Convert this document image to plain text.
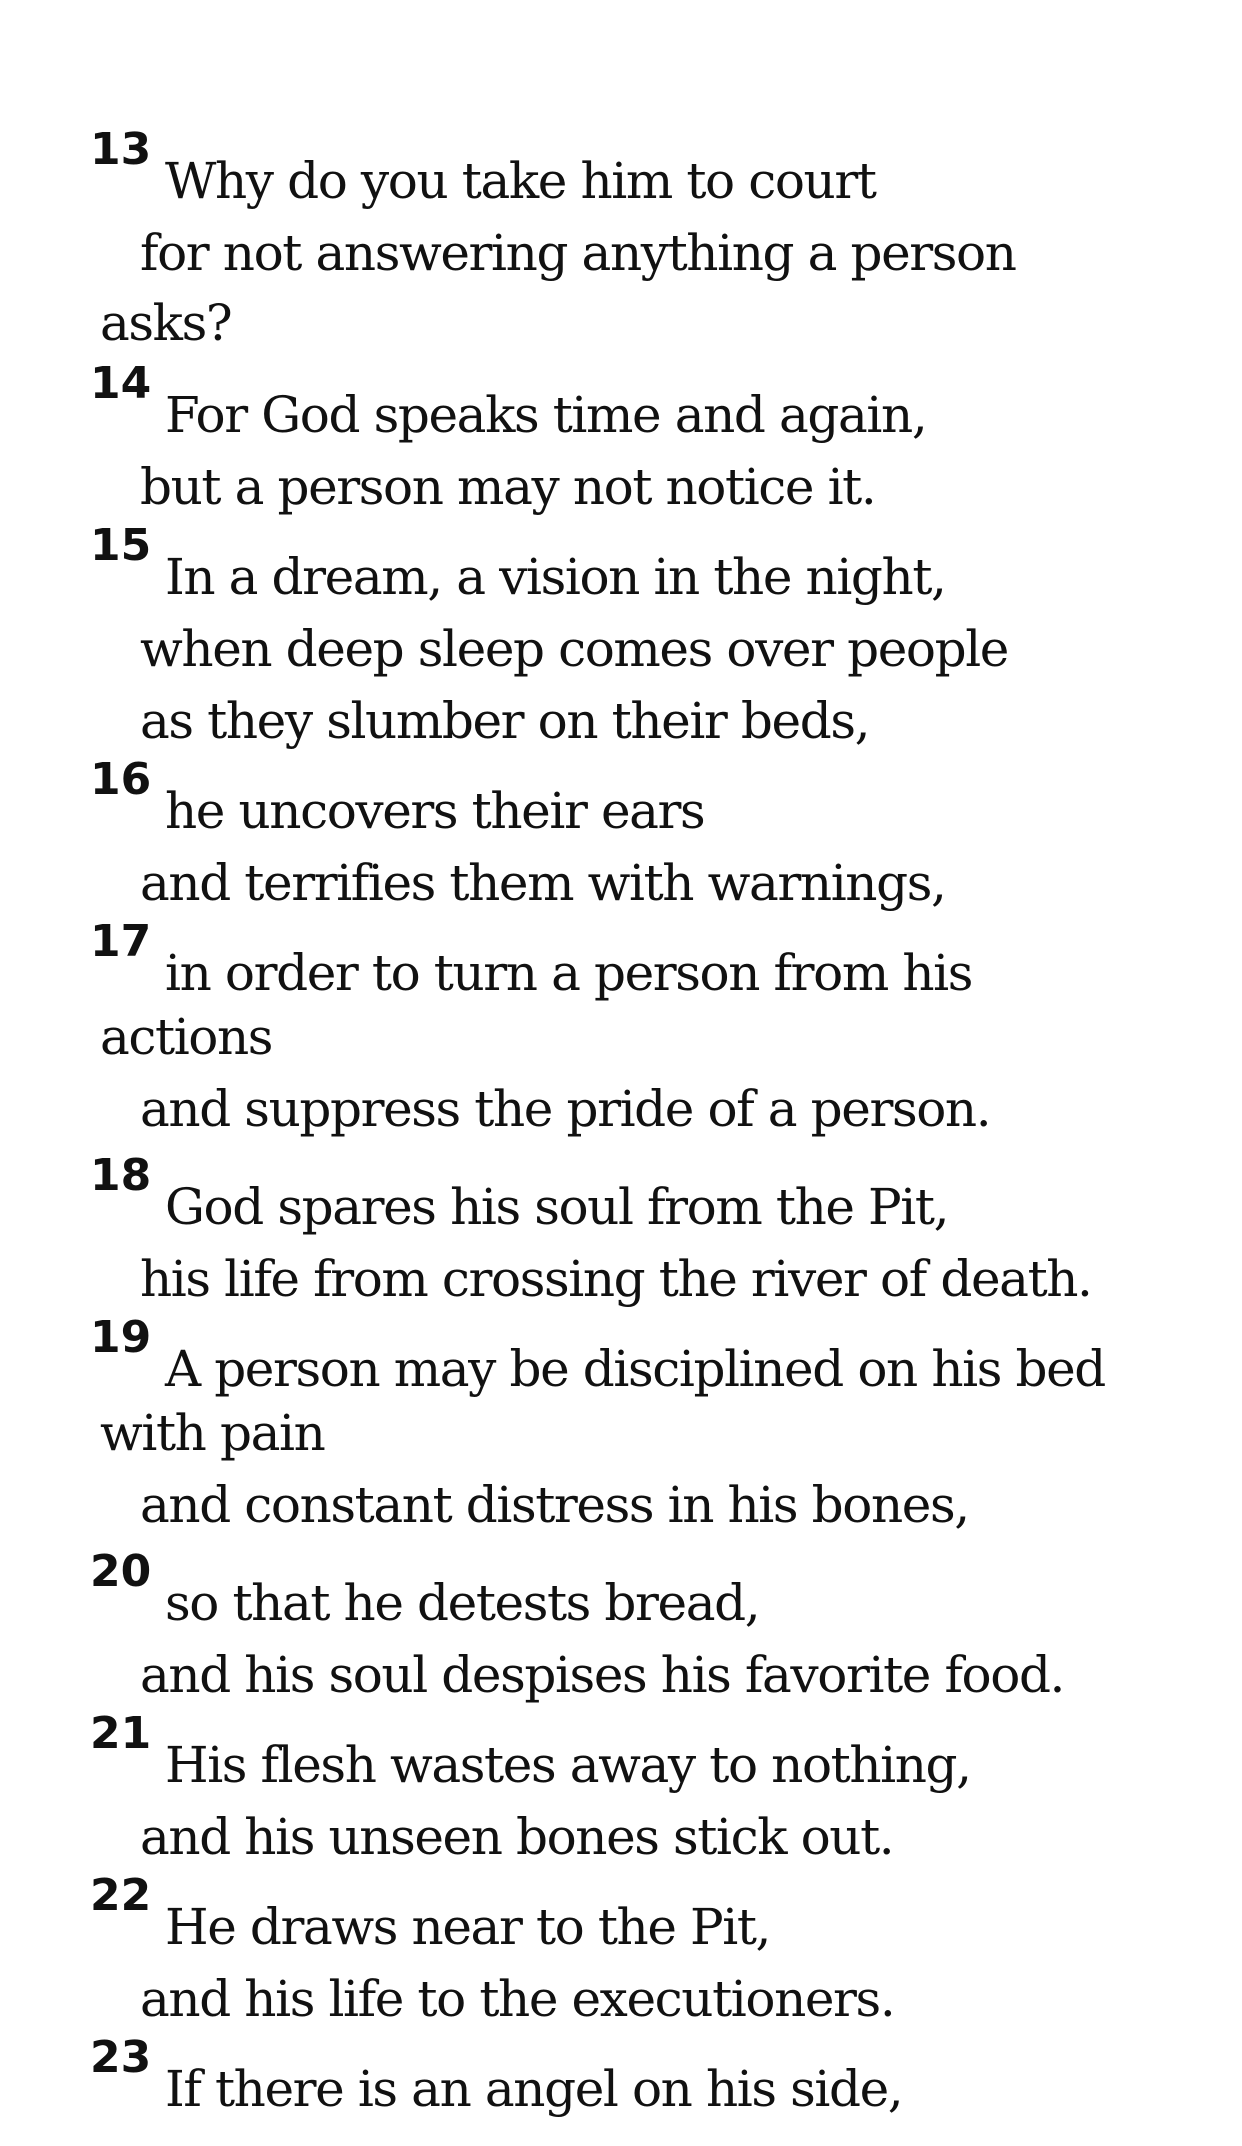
13
Why do you take him to court
for not answering anything a person
asks?
14
For God speaks time and again,
but a person may not notice it.
15
In a dream, a vision in the night,
when deep sleep comes over people
as they slumber on their beds,
16
he uncovers their ears
and terrifies them with warnings,
17
in order to turn a person from his
actions
and suppress the pride of a person.
18
God spares his soul from the Pit,
his life from crossing the river of death.
19
A person may be disciplined on his bed
with pain
and constant distress in his bones,
20
so that he detests bread,
and his soul despises his favorite food.
21
His flesh wastes away to nothing,
and his unseen bones stick out.
22
He draws near to the Pit,
and his life to the executioners.
23
If there is an angel on his side,
